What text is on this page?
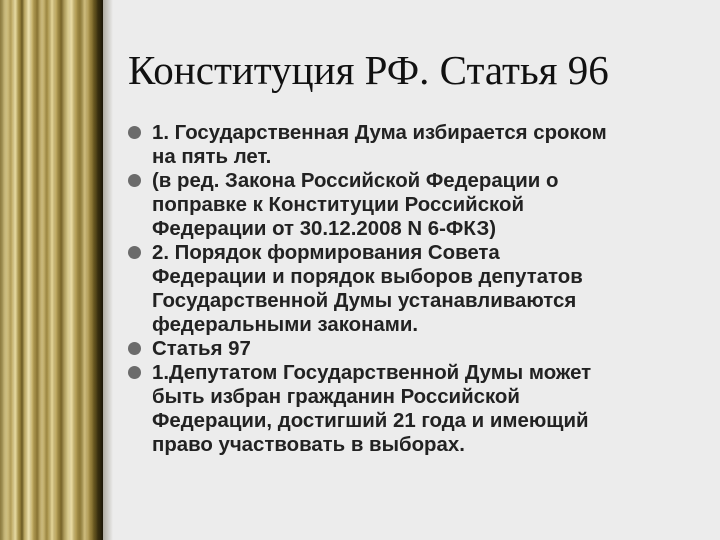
Конституция РФ. Статья 96
1. Государственная Дума избирается сроком
на пять лет.
(в ред. Закона Российской Федерации о
поправке к Конституции Российской
Федерации от 30.12.2008 N 6-ФКЗ)
2. Порядок формирования Совета
Федерации и порядок выборов депутатов
Государственной Думы устанавливаются
федеральными законами.
Статья 97
1.Депутатом Государственной Думы может
быть избран гражданин Российской
Федерации, достигший 21 года и имеющий
право участвовать в выборах.
